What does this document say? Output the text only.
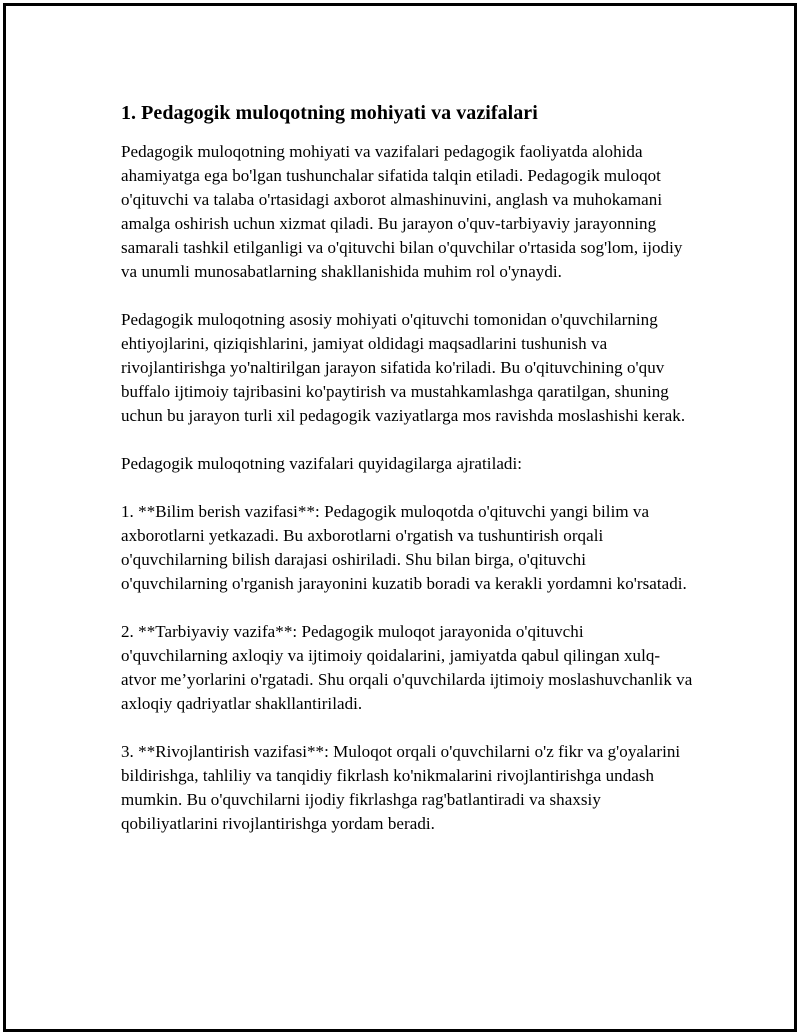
1. Pedagogik muloqotning mohiyati va vazifalari

Pedagogik muloqotning mohiyati va vazifalari pedagogik faoliyatda alohida ahamiyatga ega bo'lgan tushunchalar sifatida talqin etiladi. Pedagogik muloqot o'qituvchi va talaba o'rtasidagi axborot almashinuvini, anglash va muhokamani amalga oshirish uchun xizmat qiladi. Bu jarayon o'quv-tarbiyaviy jarayonning samarali tashkil etilganligi va o'qituvchi bilan o'quvchilar o'rtasida sog'lom, ijodiy va unumli munosabatlarning shakllanishida muhim rol o'ynaydi.

Pedagogik muloqotning asosiy mohiyati o'qituvchi tomonidan o'quvchilarning ehtiyojlarini, qiziqishlarini, jamiyat oldidagi maqsadlarini tushunish va rivojlantirishga yo'naltirilgan jarayon sifatida ko'riladi. Bu o'qituvchining o'quv buffalo ijtimoiy tajribasini ko'paytirish va mustahkamlashga qaratilgan, shuning uchun bu jarayon turli xil pedagogik vaziyatlarga mos ravishda moslashishi kerak.

Pedagogik muloqotning vazifalari quyidagilarga ajratiladi:

1. **Bilim berish vazifasi**: Pedagogik muloqotda o'qituvchi yangi bilim va axborotlarni yetkazadi. Bu axborotlarni o'rgatish va tushuntirish orqali o'quvchilarning bilish darajasi oshiriladi. Shu bilan birga, o'qituvchi o'quvchilarning o'rganish jarayonini kuzatib boradi va kerakli yordamni ko'rsatadi.

2. **Tarbiyaviy vazifa**: Pedagogik muloqot jarayonida o'qituvchi o'quvchilarning axloqiy va ijtimoiy qoidalarini, jamiyatda qabul qilingan xulq-atvor me’yorlarini o'rgatadi. Shu orqali o'quvchilarda ijtimoiy moslashuvchanlik va axloqiy qadriyatlar shakllantiriladi.

3. **Rivojlantirish vazifasi**: Muloqot orqali o'quvchilarni o'z fikr va g'oyalarini bildirishga, tahliliy va tanqidiy fikrlash ko'nikmalarini rivojlantirishga undash mumkin. Bu o'quvchilarni ijodiy fikrlashga rag'batlantiradi va shaxsiy qobiliyatlarini rivojlantirishga yordam beradi.
